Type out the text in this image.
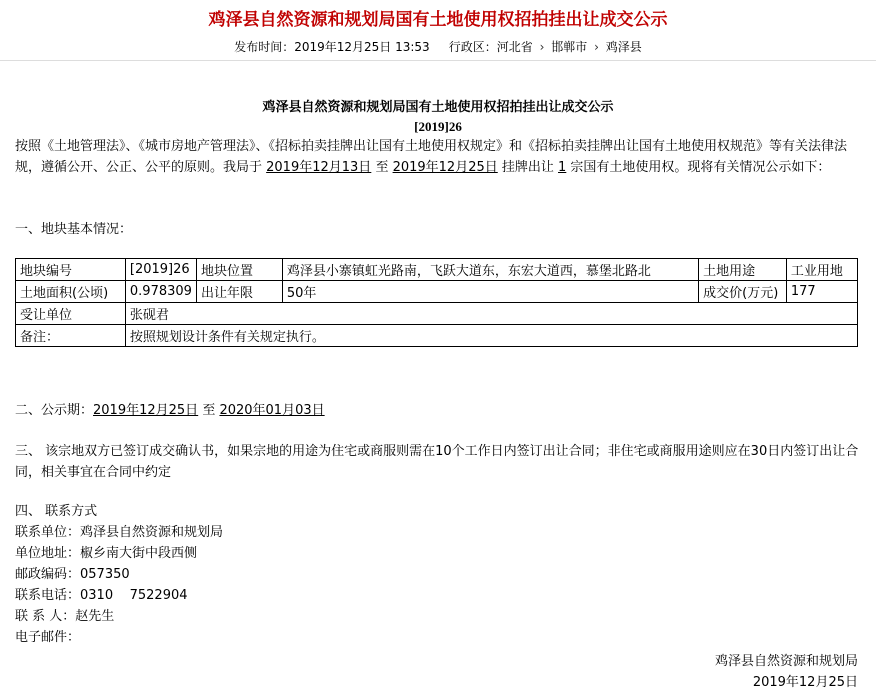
鸡泽县自然资源和规划局国有土地使用权招拍挂出让成交公示
发布时间：2019年12月25日 13:53 行政区：河北省 › 邯郸市 › 鸡泽县
鸡泽县自然资源和规划局国有土地使用权招拍挂出让成交公示
[2019]26
按照《土地管理法》、《城市房地产管理法》、《招标拍卖挂牌出让国有土地使用权规定》和《招标拍卖挂牌出让国有土地使用权规范》等有关法律法规，遵循公开、公正、公平的原则。我局于 2019年12月13日 至 2019年12月25日 挂牌出让 1 宗国有土地使用权。现将有关情况公示如下：
一、地块基本情况：
地块编号	[2019]26	地块位置	鸡泽县小寨镇虹光路南，飞跃大道东，东宏大道西，慕堡北路北	土地用途	工业用地
土地面积(公顷)	0.978309	出让年限	50年	成交价(万元)	177
受让单位	张砚君				
备注：	按照规划设计条件有关规定执行。				
二、公示期：2019年12月25日 至 2020年01月03日
三、 该宗地双方已签订成交确认书，如果宗地的用途为住宅或商服则需在10个工作日内签订出让合同；非住宅或商服用途则应在30日内签订出让合同，相关事宜在合同中约定
四、 联系方式
联系单位：鸡泽县自然资源和规划局
单位地址：椒乡南大街中段西侧
邮政编码：057350
联系电话：0310    7522904
联 系 人：赵先生
电子邮件：
鸡泽县自然资源和规划局
2019年12月25日
